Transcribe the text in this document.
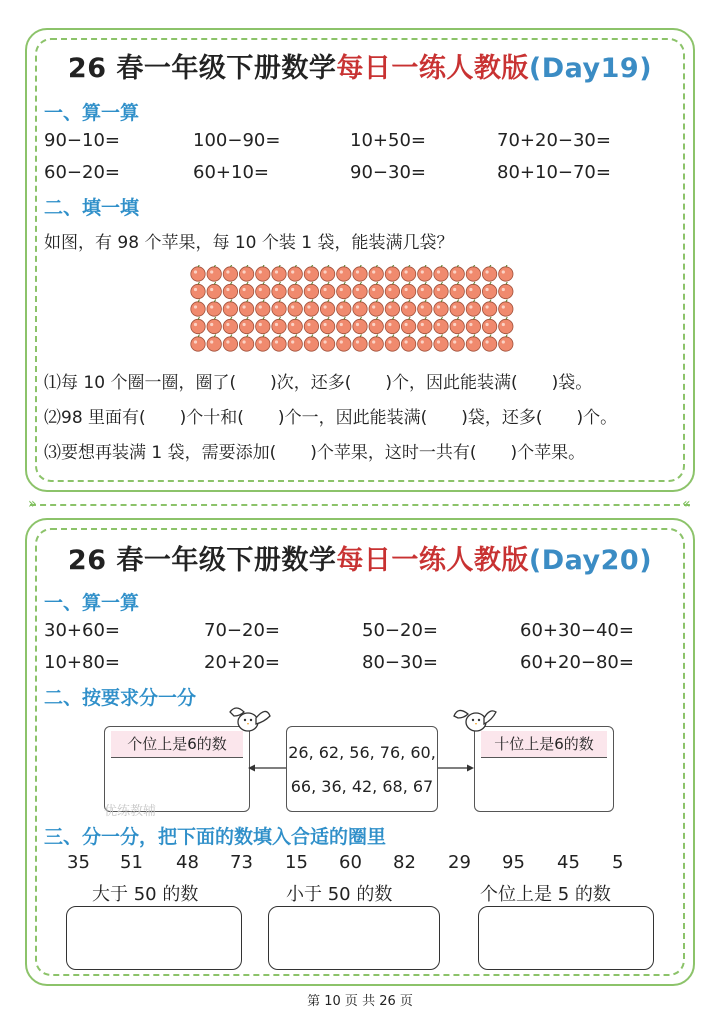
26 春一年级下册数学每日一练人教版(Day19)
一、算一算
90−10=	100−90=	10+50=	70+20−30=
60−20=	60+10=	90−30=	80+10−70=
二、填一填
如图，有 98 个苹果，每 10 个装 1 袋，能装满几袋？
⑴每 10 个圈一圈，圈了(　　)次，还多(　　)个，因此能装满(　　)袋。
⑵98 里面有(　　)个十和(　　)个一，因此能装满(　　)袋，还多(　　)个。
⑶要想再装满 1 袋，需要添加(　　)个苹果，这时一共有(　　)个苹果。
»	«
26 春一年级下册数学每日一练人教版(Day20)
一、算一算
30+60=	70−20=	50−20=	60+30−40=
10+80=	20+20=	80−30=	60+20−80=
二、按要求分一分
个位上是6的数	26, 62, 56, 76, 60,
66, 36, 42, 68, 67
十位上是6的数
优练教辅
三、分一分，把下面的数填入合适的圈里
35 51 48 73 15 60 82 29 95 45 5
大于 50 的数	小于 50 的数	个位上是 5 的数
第 10 页 共 26 页
